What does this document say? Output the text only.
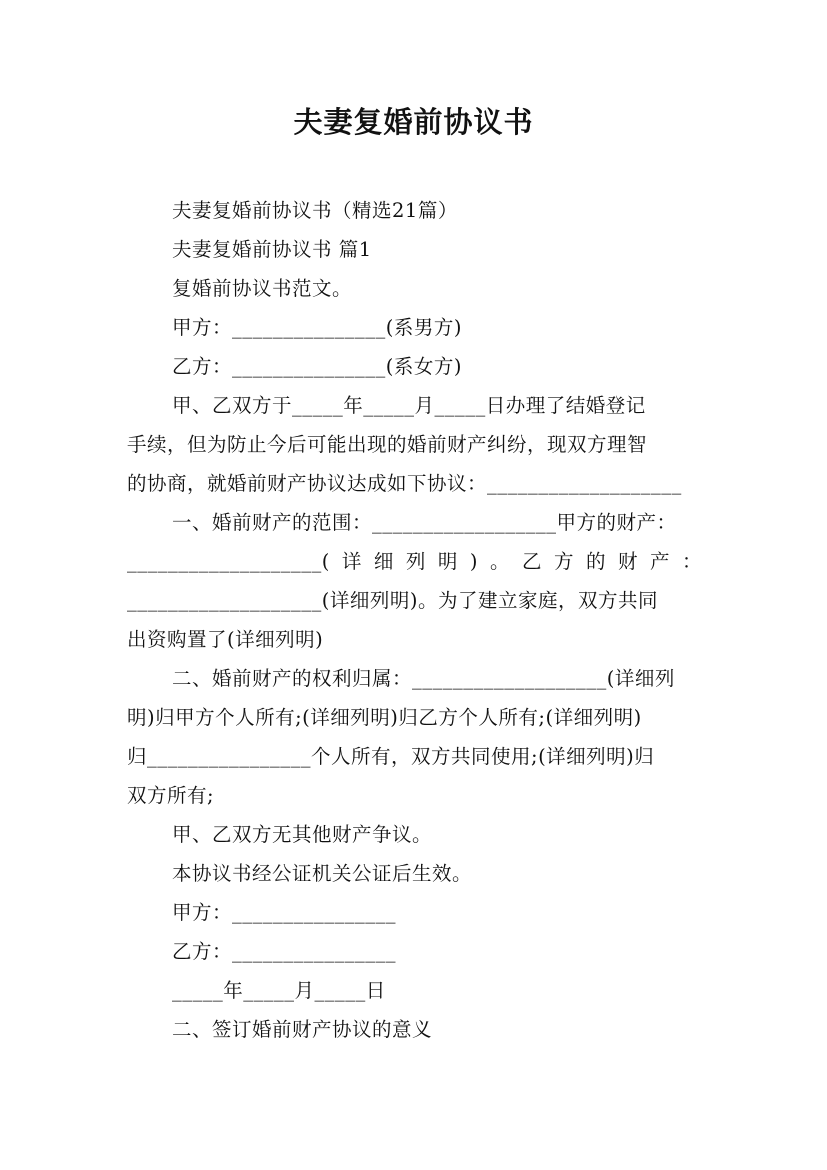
夫妻复婚前协议书
夫妻复婚前协议书（精选21篇）
夫妻复婚前协议书 篇1
复婚前协议书范文。
甲方：_______________(系男方)
乙方：_______________(系女方)
甲、乙双方于_____年_____月_____日办理了结婚登记
手续，但为防止今后可能出现的婚前财产纠纷，现双方理智
的协商，就婚前财产协议达成如下协议：___________________
一、婚前财产的范围：__________________甲方的财产：
___________________(详细列明)。乙方的财产：
___________________(详细列明)。为了建立家庭，双方共同
出资购置了(详细列明)
二、婚前财产的权利归属：___________________(详细列
明)归甲方个人所有;(详细列明)归乙方个人所有;(详细列明)
归________________个人所有，双方共同使用;(详细列明)归
双方所有;
甲、乙双方无其他财产争议。
本协议书经公证机关公证后生效。
甲方：________________
乙方：________________
_____年_____月_____日
二、签订婚前财产协议的意义
